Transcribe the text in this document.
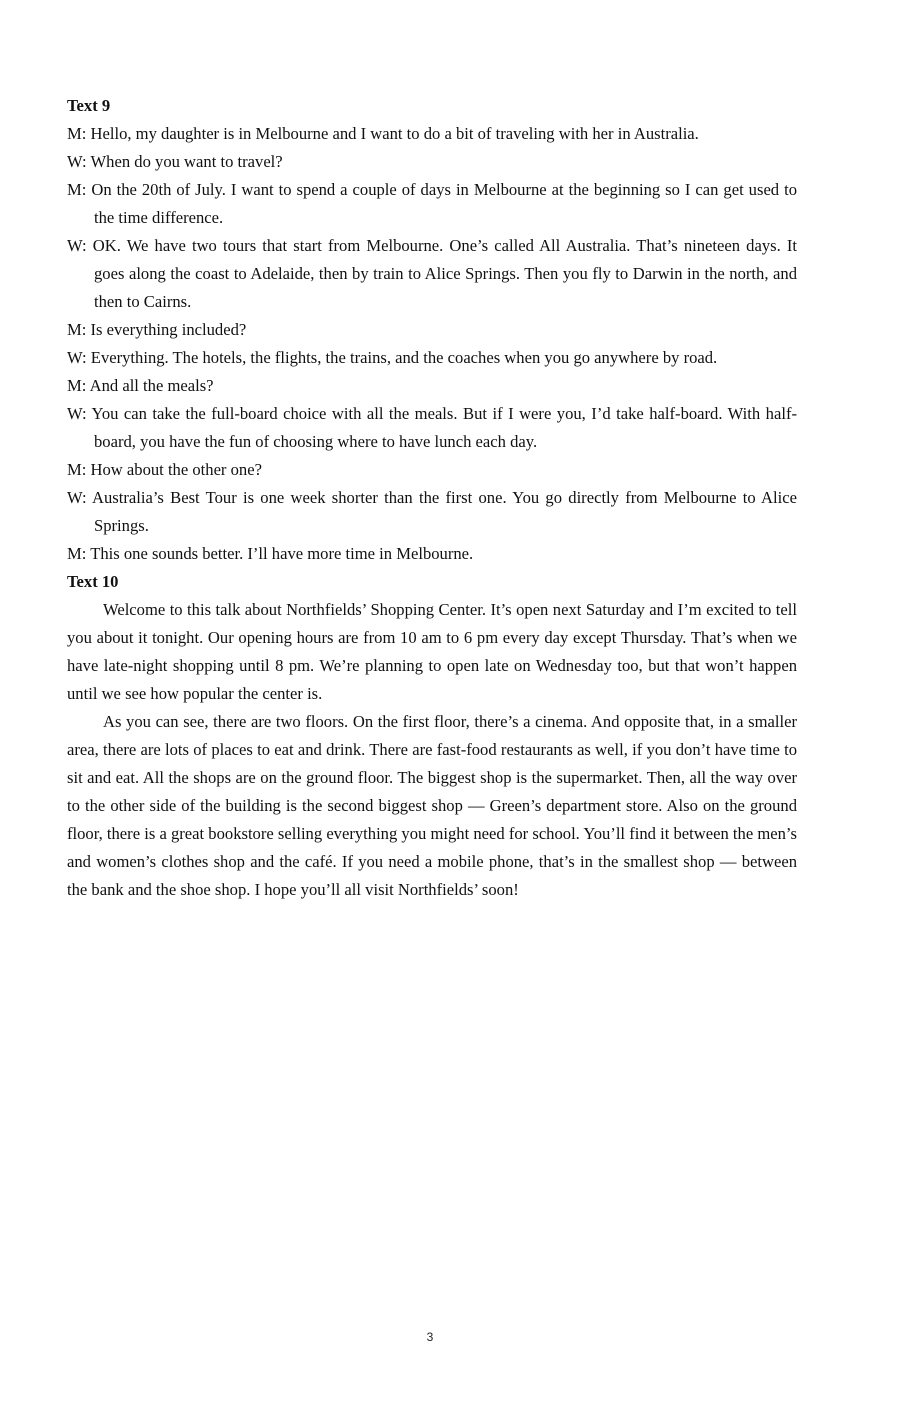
Text 9

M: Hello, my daughter is in Melbourne and I want to do a bit of traveling with her in Australia.

W: When do you want to travel?

M: On the 20th of July. I want to spend a couple of days in Melbourne at the beginning so I can get used to the time difference.

W: OK. We have two tours that start from Melbourne. One’s called All Australia. That’s nineteen days. It goes along the coast to Adelaide, then by train to Alice Springs. Then you fly to Darwin in the north, and then to Cairns.

M: Is everything included?

W: Everything. The hotels, the flights, the trains, and the coaches when you go anywhere by road.

M: And all the meals?

W: You can take the full-board choice with all the meals. But if I were you, I’d take half-board. With half-board, you have the fun of choosing where to have lunch each day.

M: How about the other one?

W: Australia’s Best Tour is one week shorter than the first one. You go directly from Melbourne to Alice Springs.

M: This one sounds better. I’ll have more time in Melbourne.

Text 10

Welcome to this talk about Northfields’ Shopping Center. It’s open next Saturday and I’m excited to tell you about it tonight. Our opening hours are from 10 am to 6 pm every day except Thursday. That’s when we have late-night shopping until 8 pm. We’re planning to open late on Wednesday too, but that won’t happen until we see how popular the center is.

As you can see, there are two floors. On the first floor, there’s a cinema. And opposite that, in a smaller area, there are lots of places to eat and drink. There are fast-food restaurants as well, if you don’t have time to sit and eat. All the shops are on the ground floor. The biggest shop is the supermarket. Then, all the way over to the other side of the building is the second biggest shop — Green’s department store. Also on the ground floor, there is a great bookstore selling everything you might need for school. You’ll find it between the men’s and women’s clothes shop and the café. If you need a mobile phone, that’s in the smallest shop — between the bank and the shoe shop. I hope you’ll all visit Northfields’ soon!

3
